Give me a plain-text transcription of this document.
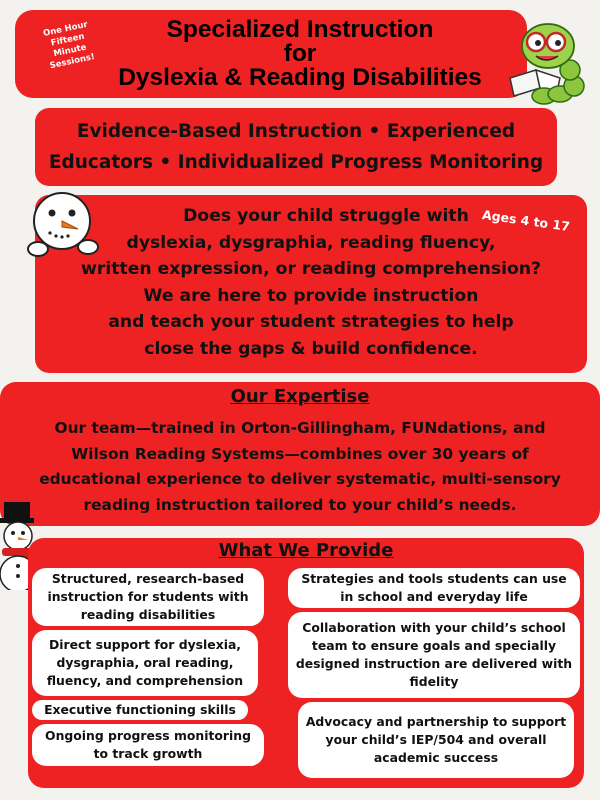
One Hour Fifteen Minute Sessions!
Specialized Instruction
for
Dyslexia & Reading Disabilities
Evidence-Based Instruction • Experienced
Educators • Individualized Progress Monitoring
Does your child struggle with
dyslexia, dysgraphia, reading fluency,
written expression, or reading comprehension?
We are here to provide instruction
and teach your student strategies to help
close the gaps & build confidence.
Ages 4 to 17
Our Expertise
Our team—trained in Orton-Gillingham, FUNdations, and
Wilson Reading Systems—combines over 30 years of
educational experience to deliver systematic, multi-sensory
reading instruction tailored to your child’s needs.
What We Provide
Structured, research-based instruction for students with reading disabilities
Direct support for dyslexia, dysgraphia, oral reading, fluency, and comprehension
Executive functioning skills
Ongoing progress monitoring to track growth
Strategies and tools students can use in school and everyday life
Collaboration with your child’s school team to ensure goals and specially designed instruction are delivered with fidelity
Advocacy and partnership to support your child’s IEP/504 and overall academic success
